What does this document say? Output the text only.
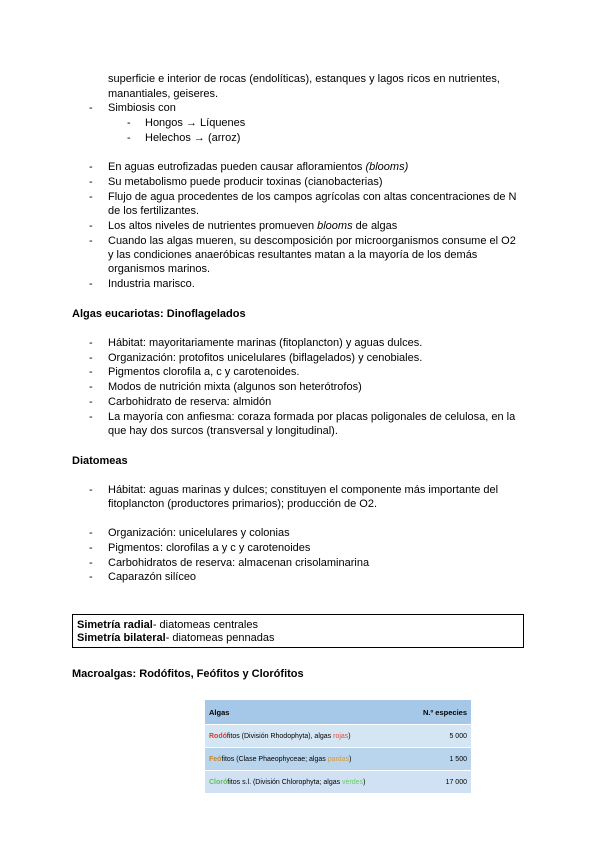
superficie e interior de rocas (endolíticas), estanques y lagos ricos en nutrientes,
manantiales, geiseres.
- Simbiosis con
- Hongos → Líquenes
- Helechos → (arroz)
- En aguas eutrofizadas pueden causar afloramientos (blooms)
- Su metabolismo puede producir toxinas (cianobacterias)
- Flujo de agua procedentes de los campos agrícolas con altas concentraciones de N
de los fertilizantes.
- Los altos niveles de nutrientes promueven blooms de algas
- Cuando las algas mueren, su descomposición por microorganismos consume el O2
y las condiciones anaeróbicas resultantes matan a la mayoría de los demás
organismos marinos.
- Industria marisco.
Algas eucariotas: Dinoflagelados
- Hábitat: mayoritariamente marinas (fitoplancton) y aguas dulces.
- Organización: protofitos unicelulares (biflagelados) y cenobiales.
- Pigmentos clorofila a, c y carotenoides.
- Modos de nutrición mixta (algunos son heterótrofos)
- Carbohidrato de reserva: almidón
- La mayoría con anfiesma: coraza formada por placas poligonales de celulosa, en la
que hay dos surcos (transversal y longitudinal).
Diatomeas
- Hábitat: aguas marinas y dulces; constituyen el componente más importante del
fitoplancton (productores primarios); producción de O2.
- Organización: unicelulares y colonias
- Pigmentos: clorofilas a y c y carotenoides
- Carbohidratos de reserva: almacenan crisolaminarina
- Caparazón silíceo
Simetría radial- diatomeas centrales
Simetría bilateral- diatomeas pennadas
Macroalgas: Rodófitos, Feófitos y Clorófitos
Algas	N.º especies
Rodófitos (División Rhodophyta), algas rojas)	5 000
Feófitos (Clase Phaeophyceae; algas pardas)	1 500
Clorófitos s.l. (División Chlorophyta; algas verdes)	17 000
